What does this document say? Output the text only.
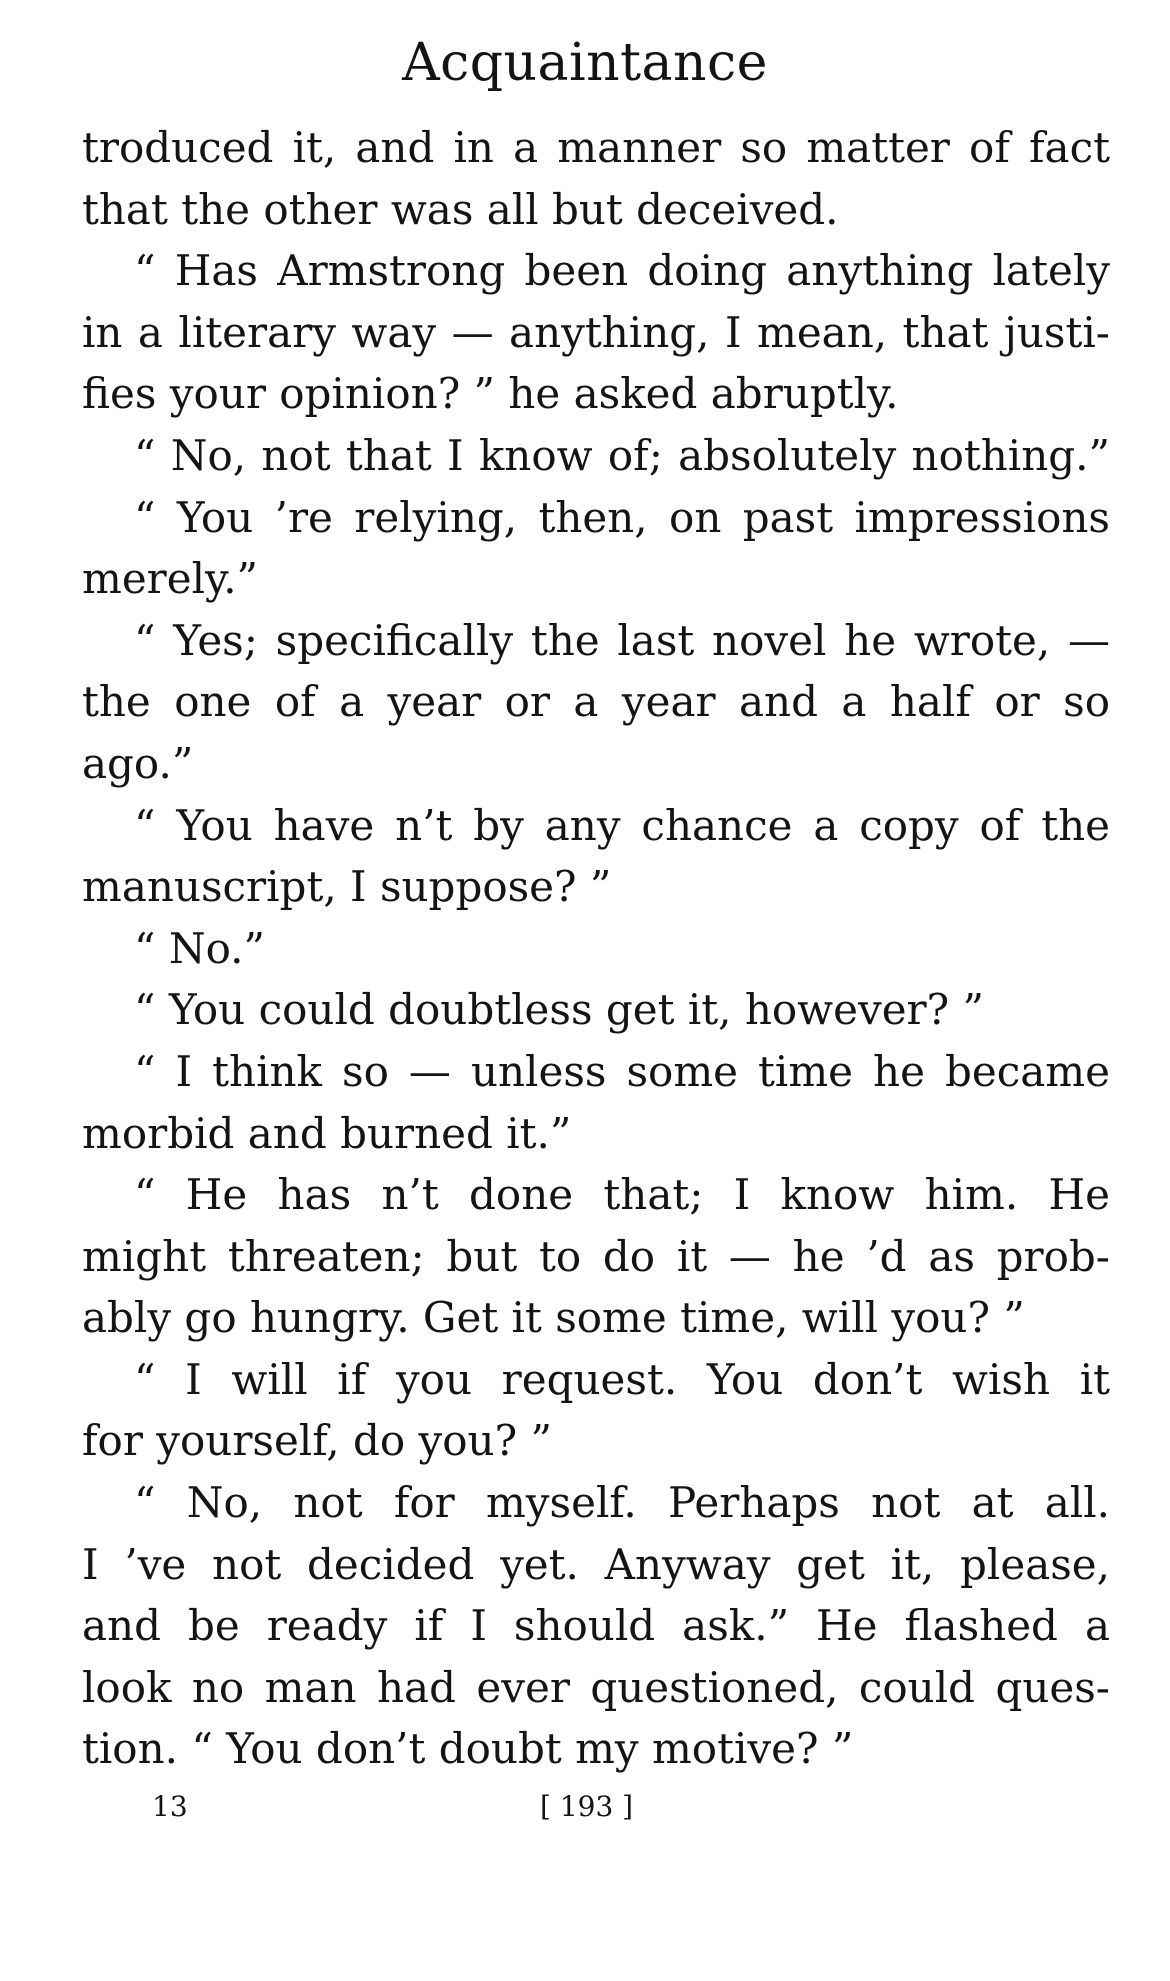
Acquaintance
troduced it, and in a manner so matter of fact
that the other was all but deceived.
“ Has Armstrong been doing anything lately
in a literary way — anything, I mean, that justi-
fies your opinion? ” he asked abruptly.
“ No, not that I know of; absolutely nothing.”
“ You ’re relying, then, on past impressions
merely.”
“ Yes; specifically the last novel he wrote, —
the one of a year or a year and a half or so
ago.”
“ You have n’t by any chance a copy of the
manuscript, I suppose? ”
“ No.”
“ You could doubtless get it, however? ”
“ I think so — unless some time he became
morbid and burned it.”
“ He has n’t done that; I know him. He
might threaten; but to do it — he ’d as prob-
ably go hungry. Get it some time, will you? ”
“ I will if you request. You don’t wish it
for yourself, do you? ”
“ No, not for myself. Perhaps not at all.
I ’ve not decided yet. Anyway get it, please,
and be ready if I should ask.” He flashed a
look no man had ever questioned, could ques-
tion. “ You don’t doubt my motive? ”
13	[ 193 ]
